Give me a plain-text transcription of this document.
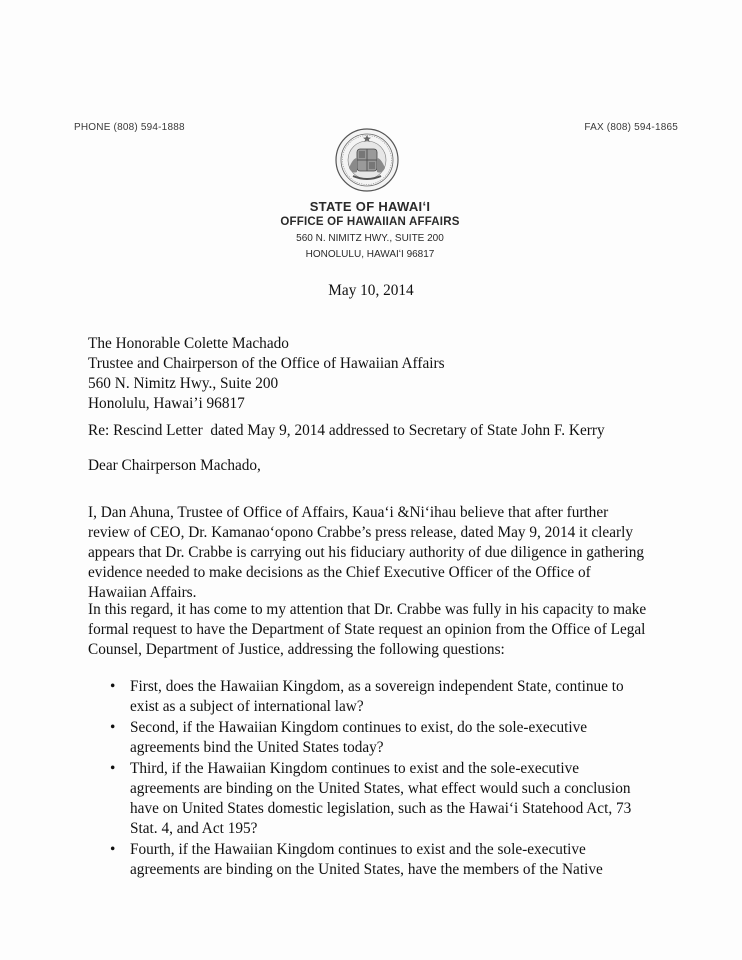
PHONE (808) 594-1888	FAX (808) 594-1865
STATE OF HAWAIʻI
OFFICE OF HAWAIIAN AFFAIRS
560 N. NIMITZ HWY., SUITE 200
HONOLULU, HAWAIʻI 96817
May 10, 2014
The Honorable Colette Machado
Trustee and Chairperson of the Office of Hawaiian Affairs
560 N. Nimitz Hwy., Suite 200
Honolulu, Hawai’i 96817
Re: Rescind Letter  dated May 9, 2014 addressed to Secretary of State John F. Kerry
Dear Chairperson Machado,
I, Dan Ahuna, Trustee of Office of Affairs, Kaua‘i &Ni‘ihau believe that after further review of CEO, Dr. Kamanao‘opono Crabbe’s press release, dated May 9, 2014 it clearly appears that Dr. Crabbe is carrying out his fiduciary authority of due diligence in gathering evidence needed to make decisions as the Chief Executive Officer of the Office of Hawaiian Affairs.
In this regard, it has come to my attention that Dr. Crabbe was fully in his capacity to make formal request to have the Department of State request an opinion from the Office of Legal Counsel, Department of Justice, addressing the following questions:
• First, does the Hawaiian Kingdom, as a sovereign independent State, continue to exist as a subject of international law?
• Second, if the Hawaiian Kingdom continues to exist, do the sole-executive agreements bind the United States today?
• Third, if the Hawaiian Kingdom continues to exist and the sole-executive agreements are binding on the United States, what effect would such a conclusion have on United States domestic legislation, such as the Hawai‘i Statehood Act, 73 Stat. 4, and Act 195?
• Fourth, if the Hawaiian Kingdom continues to exist and the sole-executive agreements are binding on the United States, have the members of the Native
